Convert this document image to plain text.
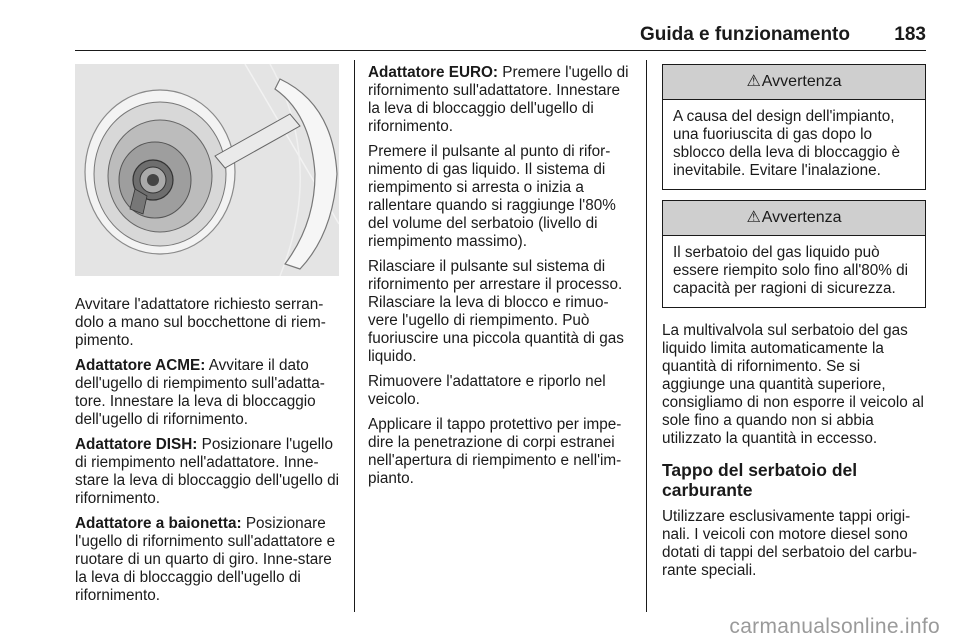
Guida e funzionamento	183

Avvitare l'adattatore richiesto serran-dolo a mano sul bocchettone di riem-pimento.

Adattatore ACME: Avvitare il dato dell'ugello di riempimento sull'adatta-tore. Innestare la leva di bloccaggio dell'ugello di rifornimento.

Adattatore DISH: Posizionare l'ugello di riempimento nell'adattatore. Inne-stare la leva di bloccaggio dell'ugello di rifornimento.

Adattatore a baionetta: Posizionare l'ugello di rifornimento sull'adattatore e ruotare di un quarto di giro. Inne-stare la leva di bloccaggio dell'ugello di rifornimento.

Adattatore EURO: Premere l'ugello di rifornimento sull'adattatore. Innestare la leva di bloccaggio dell'ugello di rifornimento.

Premere il pulsante al punto di rifor-nimento di gas liquido. Il sistema di riempimento si arresta o inizia a rallentare quando si raggiunge l'80% del volume del serbatoio (livello di riempimento massimo).

Rilasciare il pulsante sul sistema di rifornimento per arrestare il processo. Rilasciare la leva di blocco e rimuo-vere l'ugello di riempimento. Può fuoriuscire una piccola quantità di gas liquido.

Rimuovere l'adattatore e riporlo nel veicolo.

Applicare il tappo protettivo per impe-dire la penetrazione di corpi estranei nell'apertura di riempimento e nell'im-pianto.

⚠ Avvertenza
A causa del design dell'impianto, una fuoriuscita di gas dopo lo sblocco della leva di bloccaggio è inevitabile. Evitare l'inalazione.
⚠ Avvertenza
Il serbatoio del gas liquido può essere riempito solo fino all'80% di capacità per ragioni di sicurezza.

La multivalvola sul serbatoio del gas liquido limita automaticamente la quantità di rifornimento. Se si aggiunge una quantità superiore, consigliamo di non esporre il veicolo al sole fino a quando non si abbia utilizzato la quantità in eccesso.

Tappo del serbatoio del carburante

Utilizzare esclusivamente tappi origi-nali. I veicoli con motore diesel sono dotati di tappi del serbatoio del carbu-rante speciali.

carmanualsonline.info
